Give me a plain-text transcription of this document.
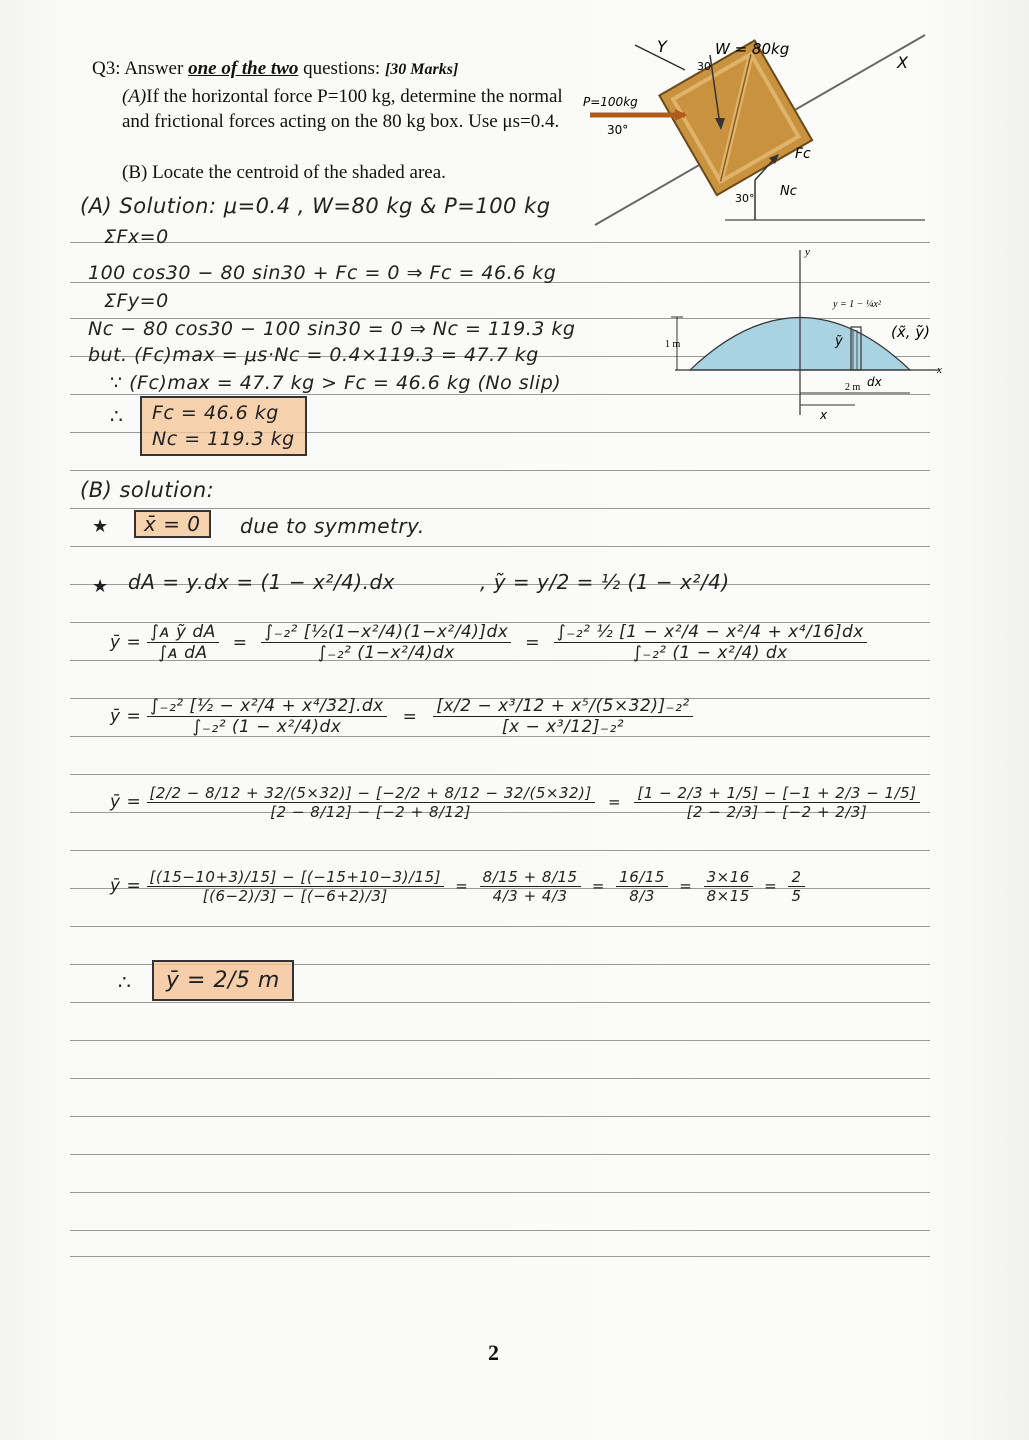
Q3: Answer one of the two questions: [30 Marks]
(A)If the horizontal force P=100 kg, determine the normal and frictional forces acting on the 80 kg box. Use μs=0.4.
(B) Locate the centroid of the shaded area.
Y	W = 80kg
30	X
P=100kg
30°
Fc
30° Nc
y
x
y = 1 − ¼x²
1 m
2 m dx
x
ỹ
(x̃, ỹ)
(A) Solution: μ=0.4 , W=80 kg & P=100 kg
ΣFx=0
100 cos30 − 80 sin30 + Fc = 0 ⇒ Fc = 46.6 kg
ΣFy=0
Nc − 80 cos30 − 100 sin30 = 0 ⇒ Nc = 119.3 kg
but. (Fc)max = μs·Nc = 0.4×119.3 = 47.7 kg
∵ (Fc)max = 47.7 kg > Fc = 46.6 kg (No slip)
∴ Fc = 46.6 kg
Nc = 119.3 kg
(B) solution:
★	x̄ = 0	due to symmetry.
★ dA = y.dx = (1 − x²/4).dx	, ỹ = y/2 = ½ (1 − x²/4)
ȳ = $\frac{\text{∫ᴀ ỹ dA}}{\text{∫ᴀ dA}} = \frac{\text{∫₋₂² [½(1−x²/4)(1−x²/4)]dx}}{\text{∫₋₂² (1−x²/4)dx}} = \frac{\text{∫₋₂² ½ [1 − x²/4 − x²/4 + x⁴/16]dx}}{\text{∫₋₂² (1 − x²/4) dx}}$
ȳ = $\frac{\text{∫₋₂² [½ − x²/4 + x⁴/32].dx}}{\text{∫₋₂² (1 − x²/4)dx}} = \frac{\text{[x/2 − x³/12 + x⁵/(5×32)]₋₂²}}{\text{[x − x³/12]₋₂²}}$
ȳ = $\frac{[2/2 - 8/12 + 32/(5\times 32)] - [-2/2 + 8/12 - 32/(5\times 32)]}{[2 - 8/12] - [-2 + 8/12]} = \frac{[1 - 2/3 + 1/5] - [-1 + 2/3 - 1/5]}{[2 - 2/3] - [-2 + 2/3]}$
ȳ = $\frac{[(15-10+3)/15] - [(-15+10-3)/15]}{[(6-2)/3] - [(-6+2)/3]} = \frac{8/15 + 8/15}{4/3 + 4/3} = \frac{16/15}{8/3} = \frac{3\times 16}{8\times 15} = \frac{2}{5}$
∴	ȳ = 2/5 m
2
